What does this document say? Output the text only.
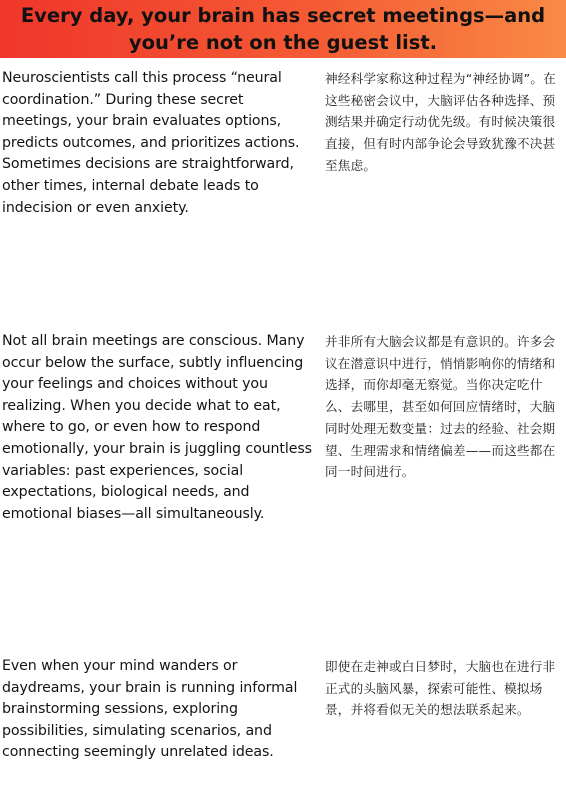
Every day, your brain has secret meetings—and you’re not on the guest list.
Neuroscientists call this process “neural coordination.” During these secret meetings, your brain evaluates options, predicts outcomes, and prioritizes actions. Sometimes decisions are straightforward, other times, internal debate leads to indecision or even anxiety.
神经科学家称这种过程为“神经协调”。在这些秘密会议中，大脑评估各种选择、预测结果并确定行动优先级。有时候决策很直接，但有时内部争论会导致犹豫不决甚至焦虑。
Not all brain meetings are conscious. Many occur below the surface, subtly influencing your feelings and choices without you realizing. When you decide what to eat, where to go, or even how to respond emotionally, your brain is juggling countless variables: past experiences, social expectations, biological needs, and emotional biases—all simultaneously.
并非所有大脑会议都是有意识的。许多会议在潜意识中进行，悄悄影响你的情绪和选择，而你却毫无察觉。当你决定吃什么、去哪里，甚至如何回应情绪时，大脑同时处理无数变量：过去的经验、社会期望、生理需求和情绪偏差——而这些都在同一时间进行。
Even when your mind wanders or daydreams, your brain is running informal brainstorming sessions, exploring possibilities, simulating scenarios, and connecting seemingly unrelated ideas.
即使在走神或白日梦时，大脑也在进行非正式的头脑风暴，探索可能性、模拟场景，并将看似无关的想法联系起来。
